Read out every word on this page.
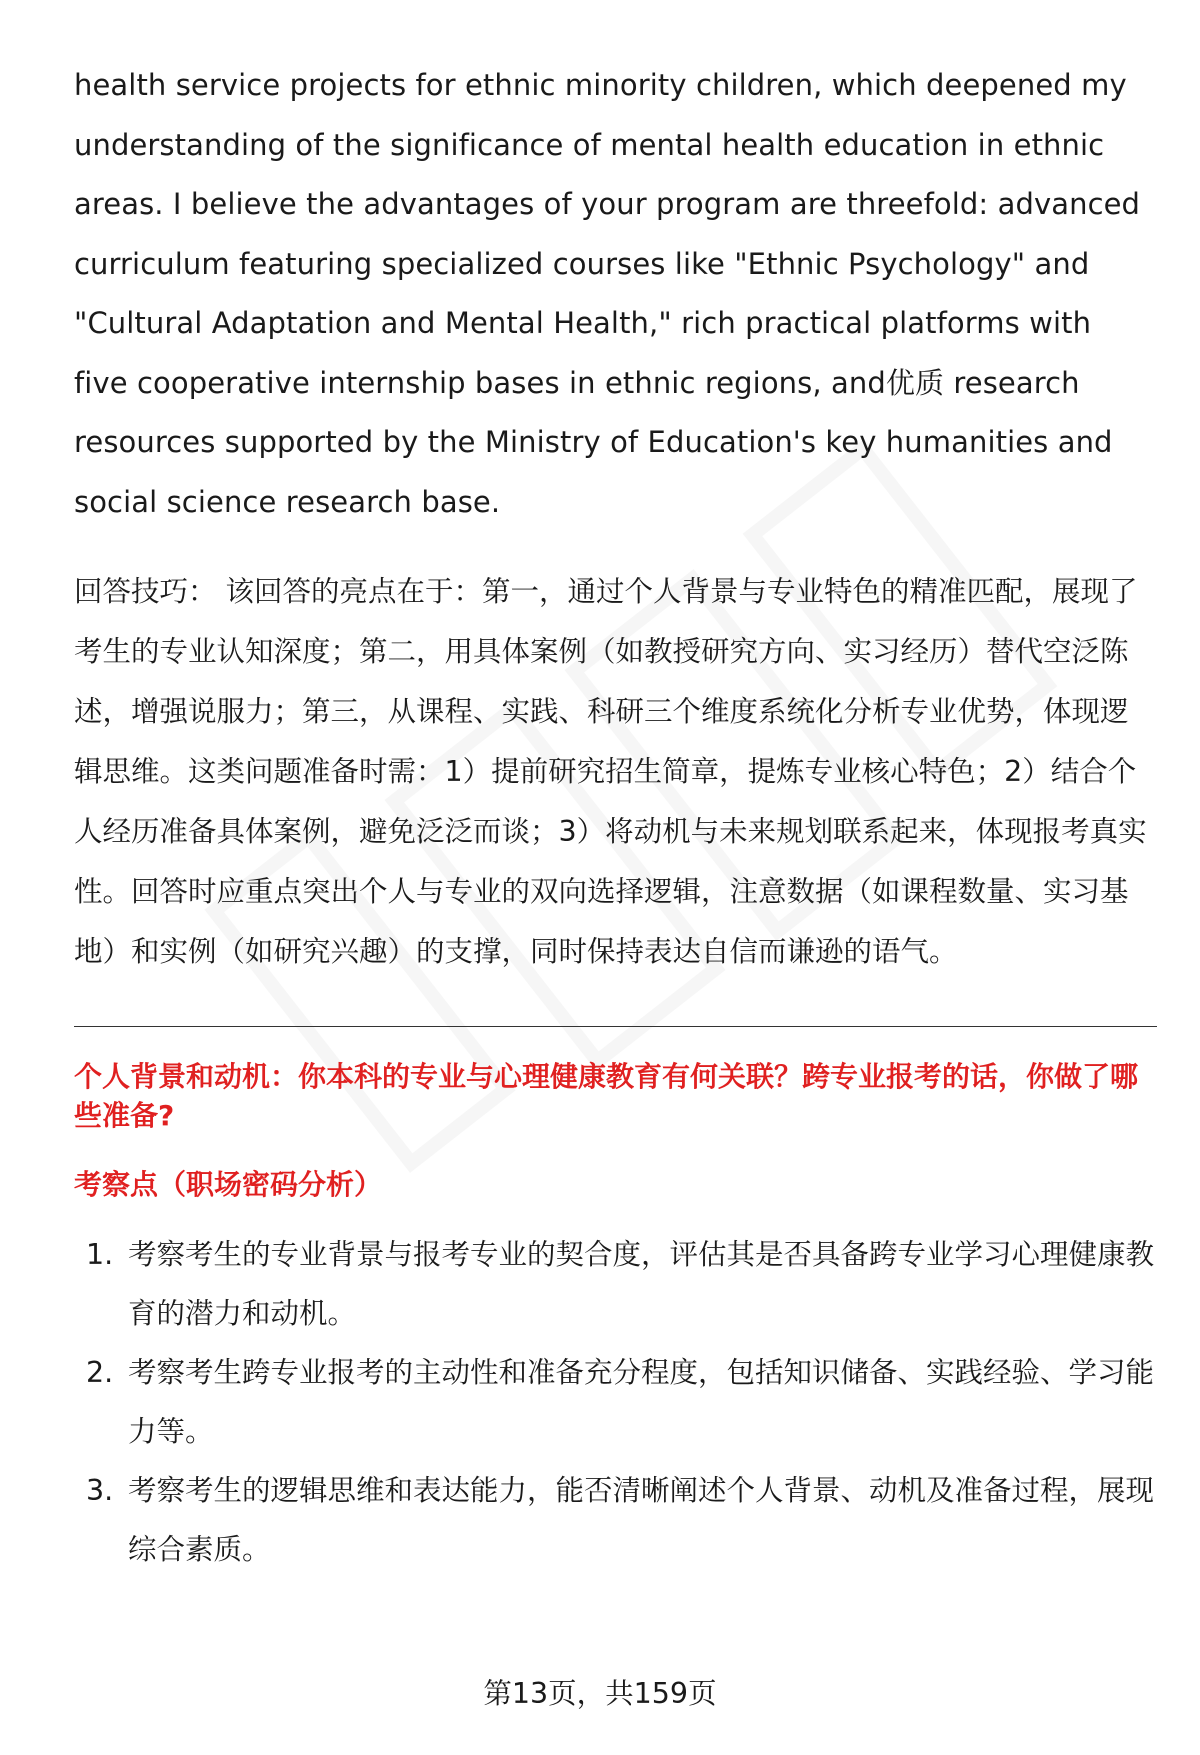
health service projects for ethnic minority children, which deepened my understanding of the significance of mental health education in ethnic areas. I believe the advantages of your program are threefold: advanced curriculum featuring specialized courses like "Ethnic Psychology" and "Cultural Adaptation and Mental Health," rich practical platforms with five cooperative internship bases in ethnic regions, and优质 research resources supported by the Ministry of Education's key humanities and social science research base.

回答技巧： 该回答的亮点在于：第一，通过个人背景与专业特色的精准匹配，展现了考生的专业认知深度；第二，用具体案例（如教授研究方向、实习经历）替代空泛陈述，增强说服力；第三，从课程、实践、科研三个维度系统化分析专业优势，体现逻辑思维。这类问题准备时需：1）提前研究招生简章，提炼专业核心特色；2）结合个人经历准备具体案例，避免泛泛而谈；3）将动机与未来规划联系起来，体现报考真实性。回答时应重点突出个人与专业的双向选择逻辑，注意数据（如课程数量、实习基地）和实例（如研究兴趣）的支撑，同时保持表达自信而谦逊的语气。

个人背景和动机：你本科的专业与心理健康教育有何关联？跨专业报考的话，你做了哪些准备?
考察点（职场密码分析）
1. 考察考生的专业背景与报考专业的契合度，评估其是否具备跨专业学习心理健康教育的潜力和动机。
2. 考察考生跨专业报考的主动性和准备充分程度，包括知识储备、实践经验、学习能力等。
3. 考察考生的逻辑思维和表达能力，能否清晰阐述个人背景、动机及准备过程，展现综合素质。
第13页，共159页
